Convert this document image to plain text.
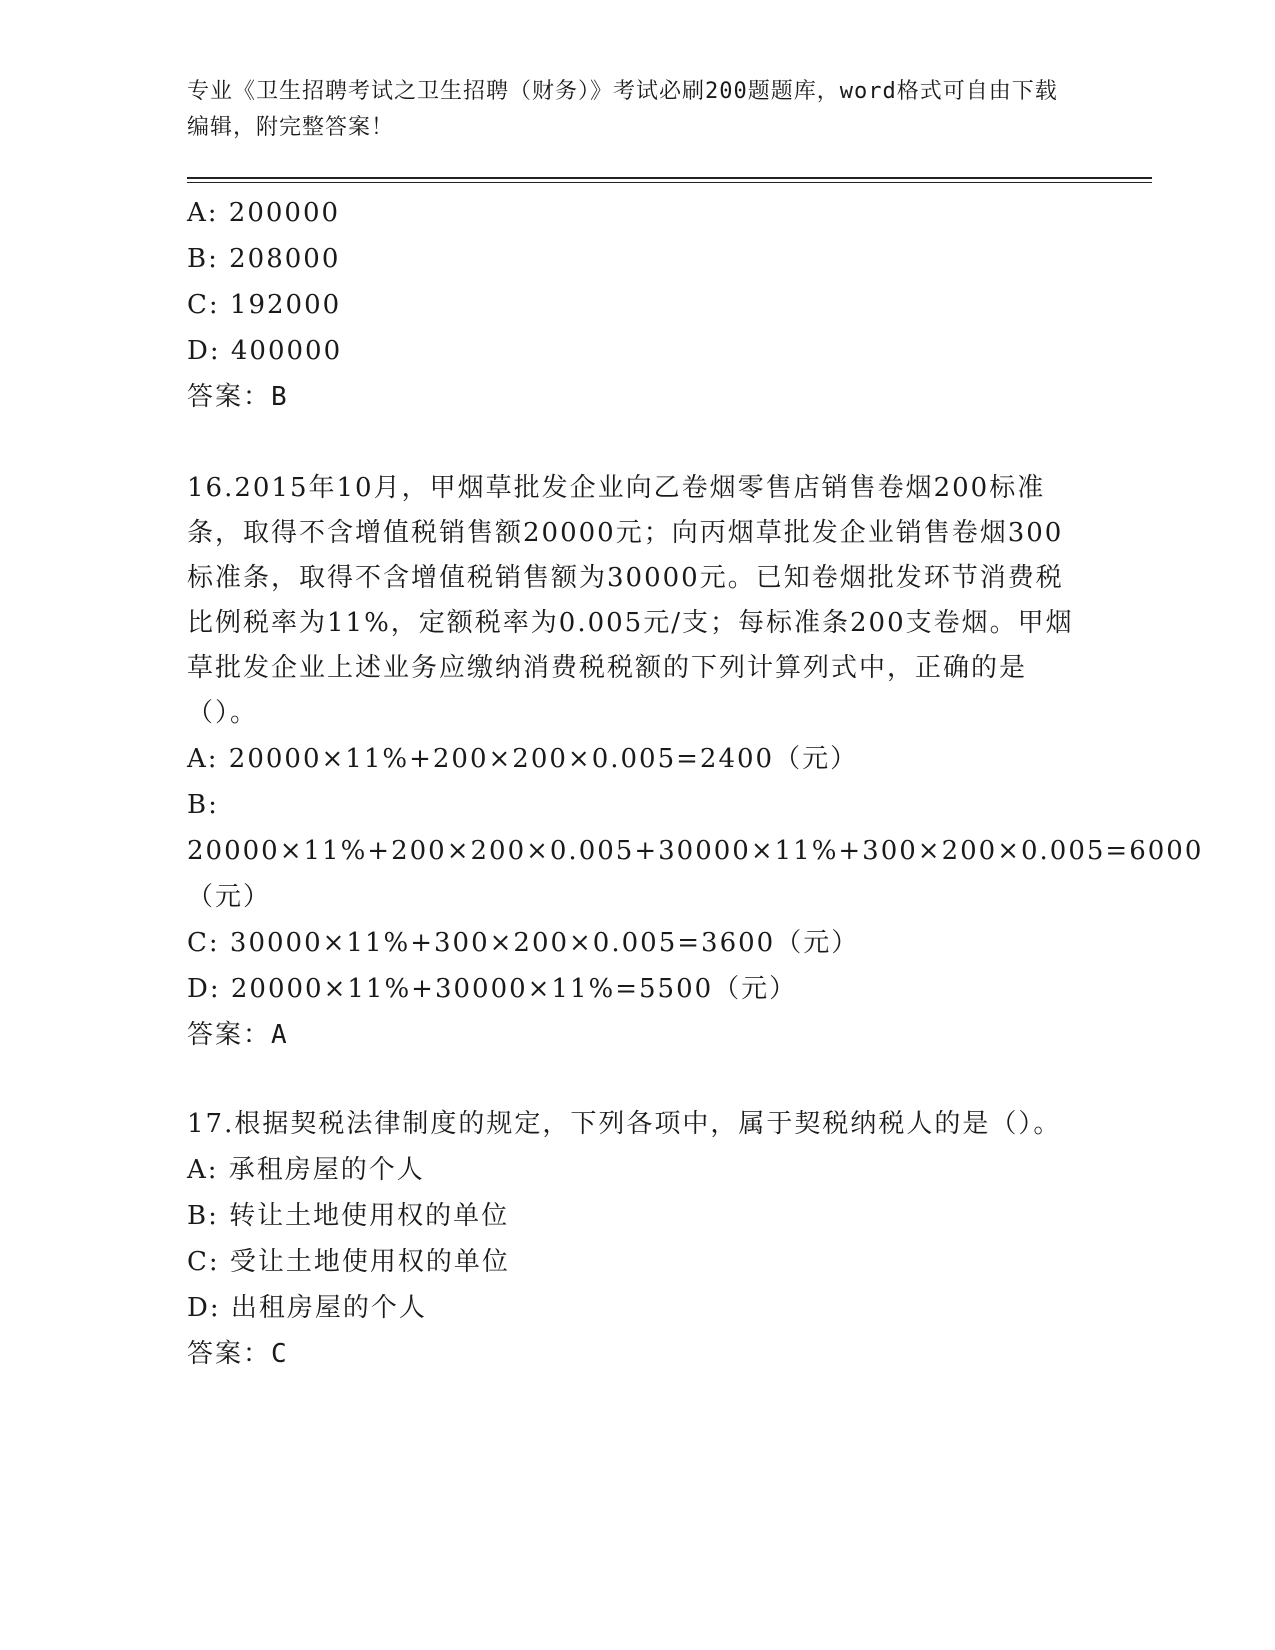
专业《卫生招聘考试之卫生招聘（财务）》考试必刷200题题库，word格式可自由下载编辑，附完整答案！
A: 200000
B: 208000
C: 192000
D: 400000
答案：B
16.2015年10月，甲烟草批发企业向乙卷烟零售店销售卷烟200标准条，取得不含增值税销售额20000元；向丙烟草批发企业销售卷烟300标准条，取得不含增值税销售额为30000元。已知卷烟批发环节消费税比例税率为11%，定额税率为0.005元/支；每标准条200支卷烟。甲烟草批发企业上述业务应缴纳消费税税额的下列计算列式中，正确的是（）。
A: 20000×11%+200×200×0.005=2400（元）
B: 20000×11%+200×200×0.005+30000×11%+300×200×0.005=6000（元）
C: 30000×11%+300×200×0.005=3600（元）
D: 20000×11%+30000×11%=5500（元）
答案：A
17.根据契税法律制度的规定，下列各项中，属于契税纳税人的是（）。
A: 承租房屋的个人
B: 转让土地使用权的单位
C: 受让土地使用权的单位
D: 出租房屋的个人
答案：C
